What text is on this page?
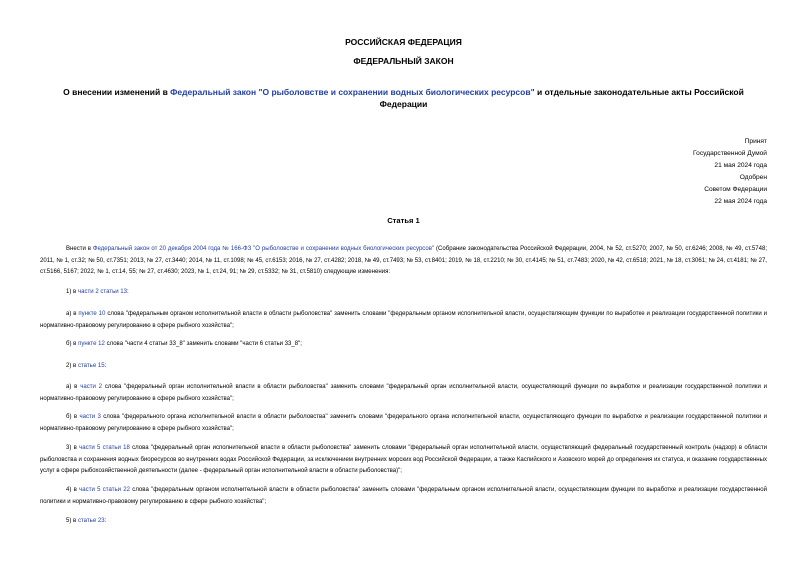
РОССИЙСКАЯ ФЕДЕРАЦИЯ
ФЕДЕРАЛЬНЫЙ ЗАКОН

О внесении изменений в Федеральный закон "О рыболовстве и сохранении водных биологических ресурсов" и отдельные законодательные акты Российской Федерации

Принят
Государственной Думой
21 мая 2024 года
Одобрен
Советом Федерации
22 мая 2024 года
Статья 1

Внести в Федеральный закон от 20 декабря 2004 года № 166-ФЗ "О рыболовстве и сохранении водных биологических ресурсов" (Собрание законодательства Российской Федерации, 2004, № 52, ст.5270; 2007, № 50, ст.6246; 2008, № 49, ст.5748; 2011, № 1, ст.32; № 50, ст.7351; 2013, № 27, ст.3440; 2014, № 11, ст.1098; № 45, ст.6153; 2016, № 27, ст.4282; 2018, № 49, ст.7493; № 53, ст.8401; 2019, № 18, ст.2210; № 30, ст.4145; № 51, ст.7483; 2020, № 42, ст.6518; 2021, № 18, ст.3061; № 24, ст.4181; № 27, ст.5166, 5167; 2022, № 1, ст.14, 55; № 27, ст.4630; 2023, № 1, ст.24, 91; № 29, ст.5332; № 31, ст.5810) следующие изменения:

1) в части 2 статьи 13:

а) в пункте 10 слова "федеральным органом исполнительной власти в области рыболовства" заменить словами "федеральным органом исполнительной власти, осуществляющим функции по выработке и реализации государственной политики и нормативно-правовому регулированию в сфере рыбного хозяйства";

б) в пункте 12 слова "части 4 статьи 33_8" заменить словами "части 6 статьи 33_8";

2) в статье 15:

а) в части 2 слова "федеральный орган исполнительной власти в области рыболовства" заменить словами "федеральный орган исполнительной власти, осуществляющий функции по выработке и реализации государственной политики и нормативно-правовому регулированию в сфере рыбного хозяйства";

б) в части 3 слова "федерального органа исполнительной власти в области рыболовства" заменить словами "федерального органа исполнительной власти, осуществляющего функции по выработке и реализации государственной политики и нормативно-правовому регулированию в сфере рыбного хозяйства";

3) в части 5 статьи 18 слова "федеральный орган исполнительной власти в области рыболовства" заменить словами "федеральный орган исполнительной власти, осуществляющий федеральный государственный контроль (надзор) в области рыболовства и сохранения водных биоресурсов во внутренних водах Российской Федерации, за исключением внутренних морских вод Российской Федерации, а также Каспийского и Азовского морей до определения их статуса, и оказание государственных услуг в сфере рыбохозяйственной деятельности (далее - федеральный орган исполнительной власти в области рыболовства)";

4) в части 5 статьи 22 слова "федеральным органом исполнительной власти в области рыболовства" заменить словами "федеральным органом исполнительной власти, осуществляющим функции по выработке и реализации государственной политики и нормативно-правовому регулированию в сфере рыбного хозяйства";

5) в статье 23:
